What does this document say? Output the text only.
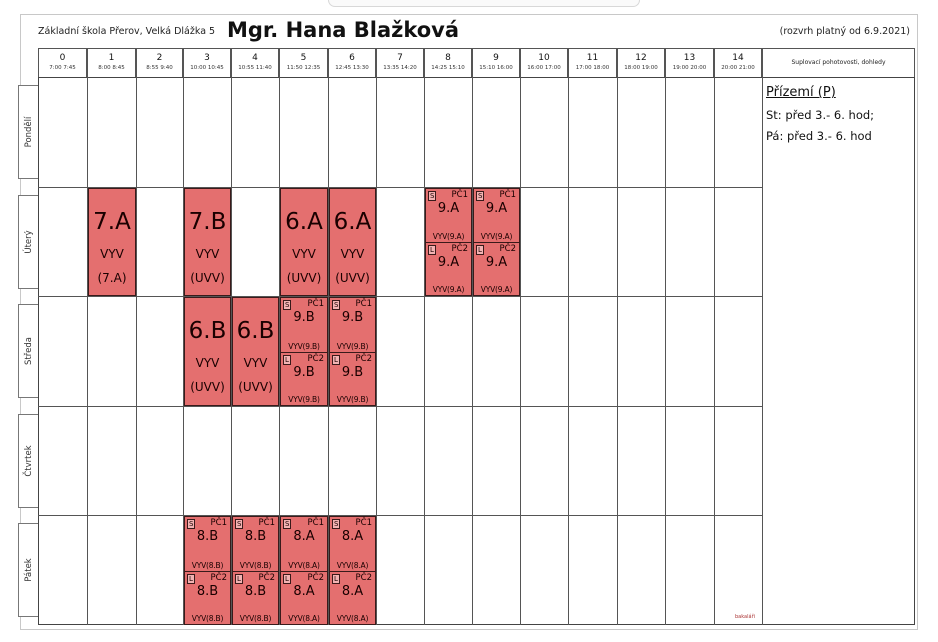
Základní škola Přerov, Velká Dlážka 5 Mgr. Hana Blažková	(rozvrh platný od 6.9.2021)
0
7:00 7:45
1
8:00 8:45
2
8:55 9:40
3
10:00 10:45
4
10:55 11:40
5
11:50 12:35
6
12:45 13:30
7
13:35 14:20
8
14:25 15:10
9
15:10 16:00
10
16:00 17:00
11
17:00 18:00
12
18:00 19:00
13
19:00 20:00
14
20:00 21:00
Suplovací pohotovosti, dohledy
Pondělí
Úterý
Středa
Čtvrtek
Pátek
Přízemí (P)
St: před 3.- 6. hod;
Pá: před 3.- 6. hod
7.A
VYV
(7.A)
7.B
VYV
(UVV)
6.A
VYV
(UVV)
6.A
VYV
(UVV)
S PČ1
9.A
VYV(9.A)
L PČ2
9.A
VYV(9.A)
S PČ1
9.A
VYV(9.A)
L PČ2
9.A
VYV(9.A)
6.B
VYV
(UVV)
6.B
VYV
(UVV)
S PČ1
9.B
VYV(9.B)
L PČ2
9.B
VYV(9.B)
S PČ1
9.B
VYV(9.B)
L PČ2
9.B
VYV(9.B)
S PČ1
8.B
VYV(8.B)
L PČ2
8.B
VYV(8.B)
S PČ1
8.B
VYV(8.B)
L PČ2
8.B
VYV(8.B)
S PČ1
8.A
VYV(8.A)
L PČ2
8.A
VYV(8.A)
S PČ1
8.A
VYV(8.A)
L PČ2
8.A
VYV(8.A)	bakaláři
